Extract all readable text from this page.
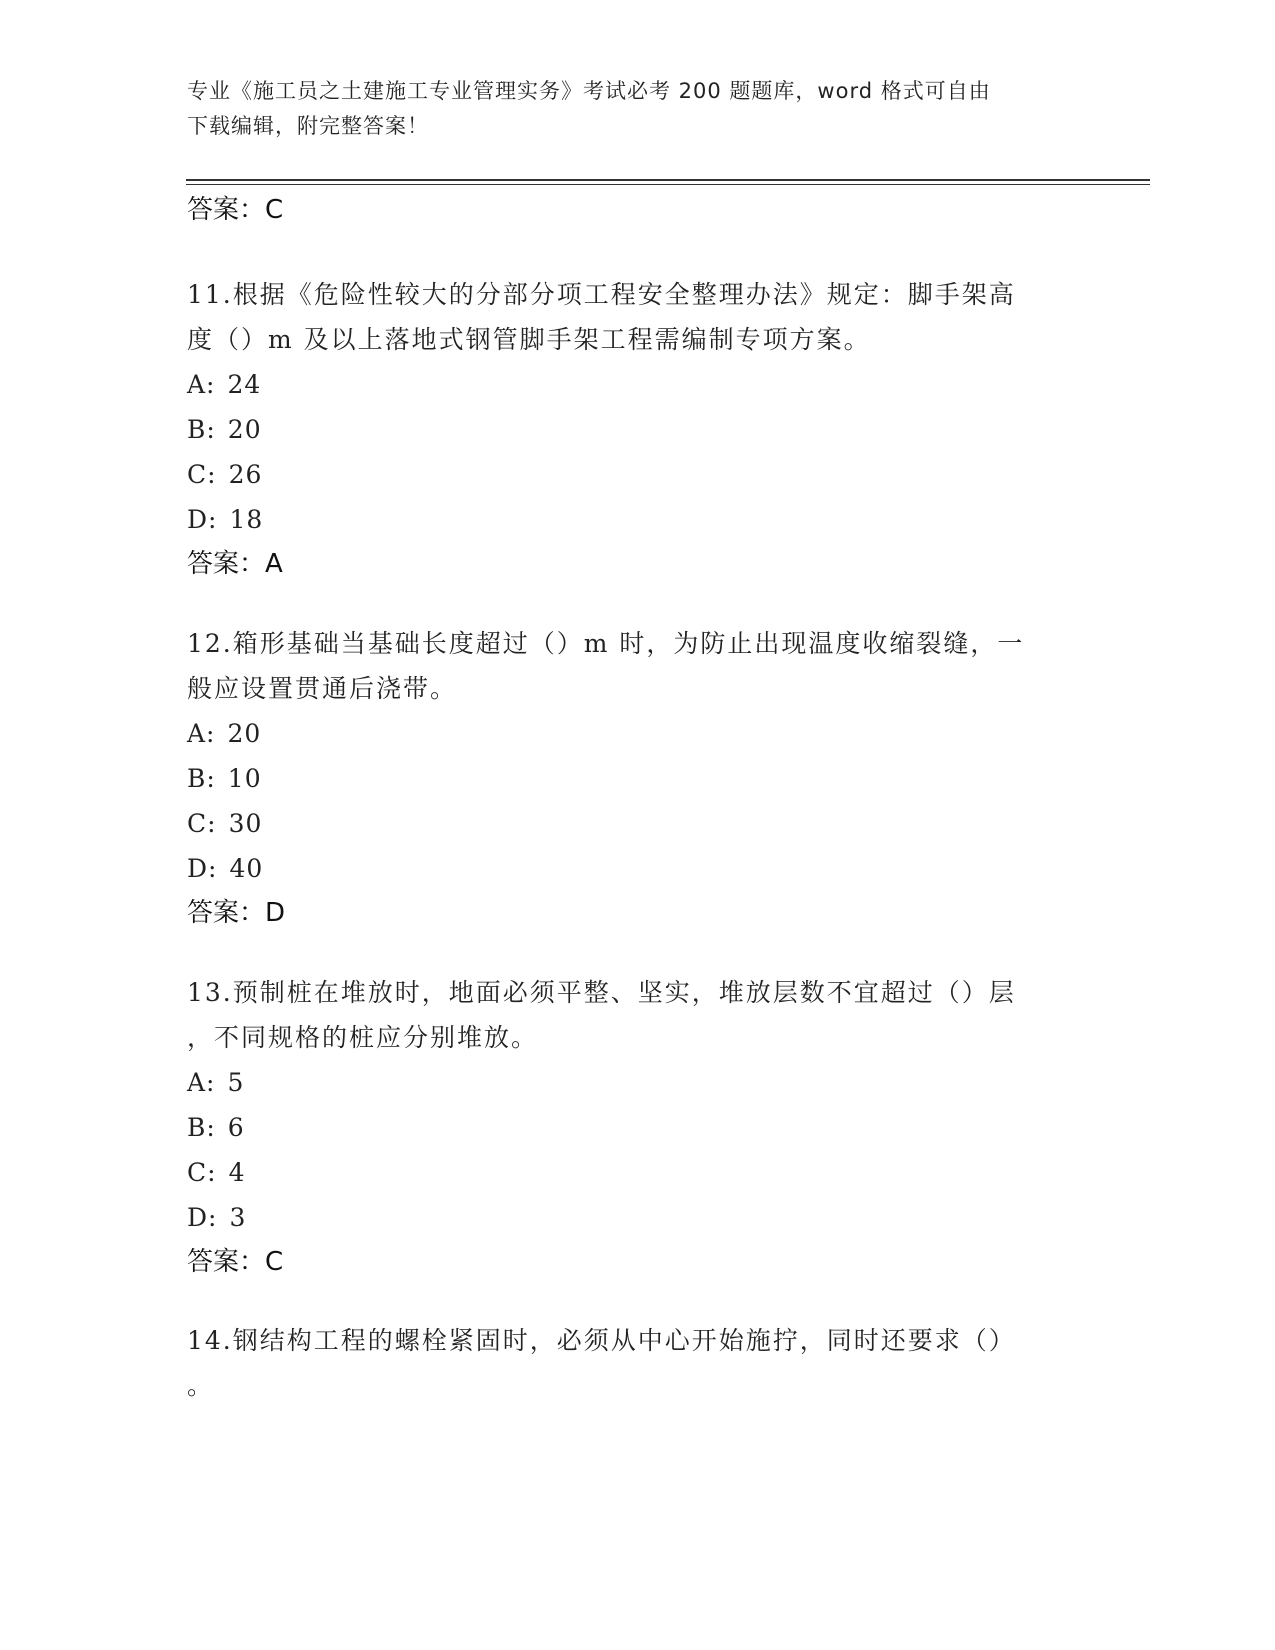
专业《施工员之土建施工专业管理实务》考试必考 200 题题库，word 格式可自由
下载编辑，附完整答案！
答案：C
11.根据《危险性较大的分部分项工程安全整理办法》规定：脚手架高
度（）m 及以上落地式钢管脚手架工程需编制专项方案。
A: 24
B: 20
C: 26
D: 18
答案：A
12.箱形基础当基础长度超过（）m 时，为防止出现温度收缩裂缝，一
般应设置贯通后浇带。
A: 20
B: 10
C: 30
D: 40
答案：D
13.预制桩在堆放时，地面必须平整、坚实，堆放层数不宜超过（）层
，不同规格的桩应分别堆放。
A: 5
B: 6
C: 4
D: 3
答案：C
14.钢结构工程的螺栓紧固时，必须从中心开始施拧，同时还要求（）
。
